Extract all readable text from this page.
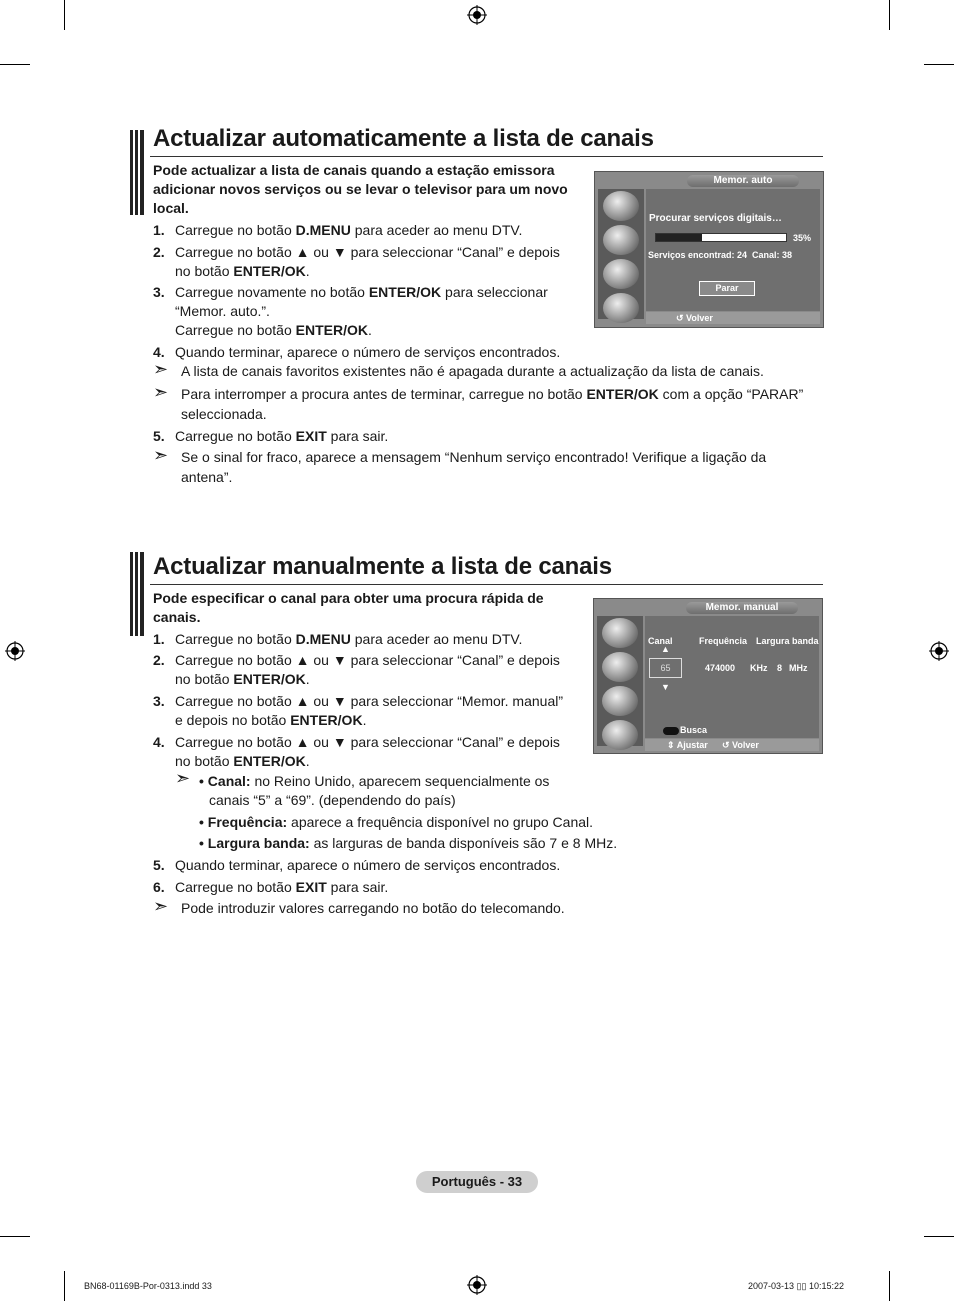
Actualizar automaticamente a lista de canais
Pode actualizar a lista de canais quando a estação emissora adicionar novos serviços ou se levar o televisor para um novo local.
1. Carregue no botão D.MENU para aceder ao menu DTV.
2. Carregue no botão ▲ ou ▼ para seleccionar “Canal” e depois
no botão ENTER/OK.
3. Carregue novamente no botão ENTER/OK para seleccionar
“Memor. auto.”.
Carregue no botão ENTER/OK.
4. Quando terminar, aparece o número de serviços encontrados.
➣ A lista de canais favoritos existentes não é apagada durante a actualização da lista de canais.
➣ Para interromper a procura antes de terminar, carregue no botão ENTER/OK com a opção “PARAR”
seleccionada.
5. Carregue no botão EXIT para sair.
➣ Se o sinal for fraco, aparece a mensagem “Nenhum serviço encontrado! Verifique a ligação da
antena”.
Memor. auto
Procurar serviços digitais…
35%
Serviços encontrad: 24 Canal: 38
Parar
↺ Volver
Actualizar manualmente a lista de canais
Pode especificar o canal para obter uma procura rápida de canais.
1. Carregue no botão D.MENU para aceder ao menu DTV.
2. Carregue no botão ▲ ou ▼ para seleccionar “Canal” e depois
no botão ENTER/OK.
3. Carregue no botão ▲ ou ▼ para seleccionar “Memor. manual”
e depois no botão ENTER/OK.
4. Carregue no botão ▲ ou ▼ para seleccionar “Canal” e depois
no botão ENTER/OK.
➣ • Canal: no Reino Unido, aparecem sequencialmente os
canais “5” a “69”. (dependendo do país)
• Frequência: aparece a frequência disponível no grupo Canal.
• Largura banda: as larguras de banda disponíveis são 7 e 8 MHz.
5. Quando terminar, aparece o número de serviços encontrados.
6. Carregue no botão EXIT para sair.
➣ Pode introduzir valores carregando no botão do telecomando.
Memor. manual
Canal	Frequência Largura banda
▲
65
▼
474000 KHz 8 MHz
Busca
⇕ Ajustar ↺ Volver
Português - 33
BN68-01169B-Por-0313.indd 33	2007-03-13 ▯▯ 10:15:22
